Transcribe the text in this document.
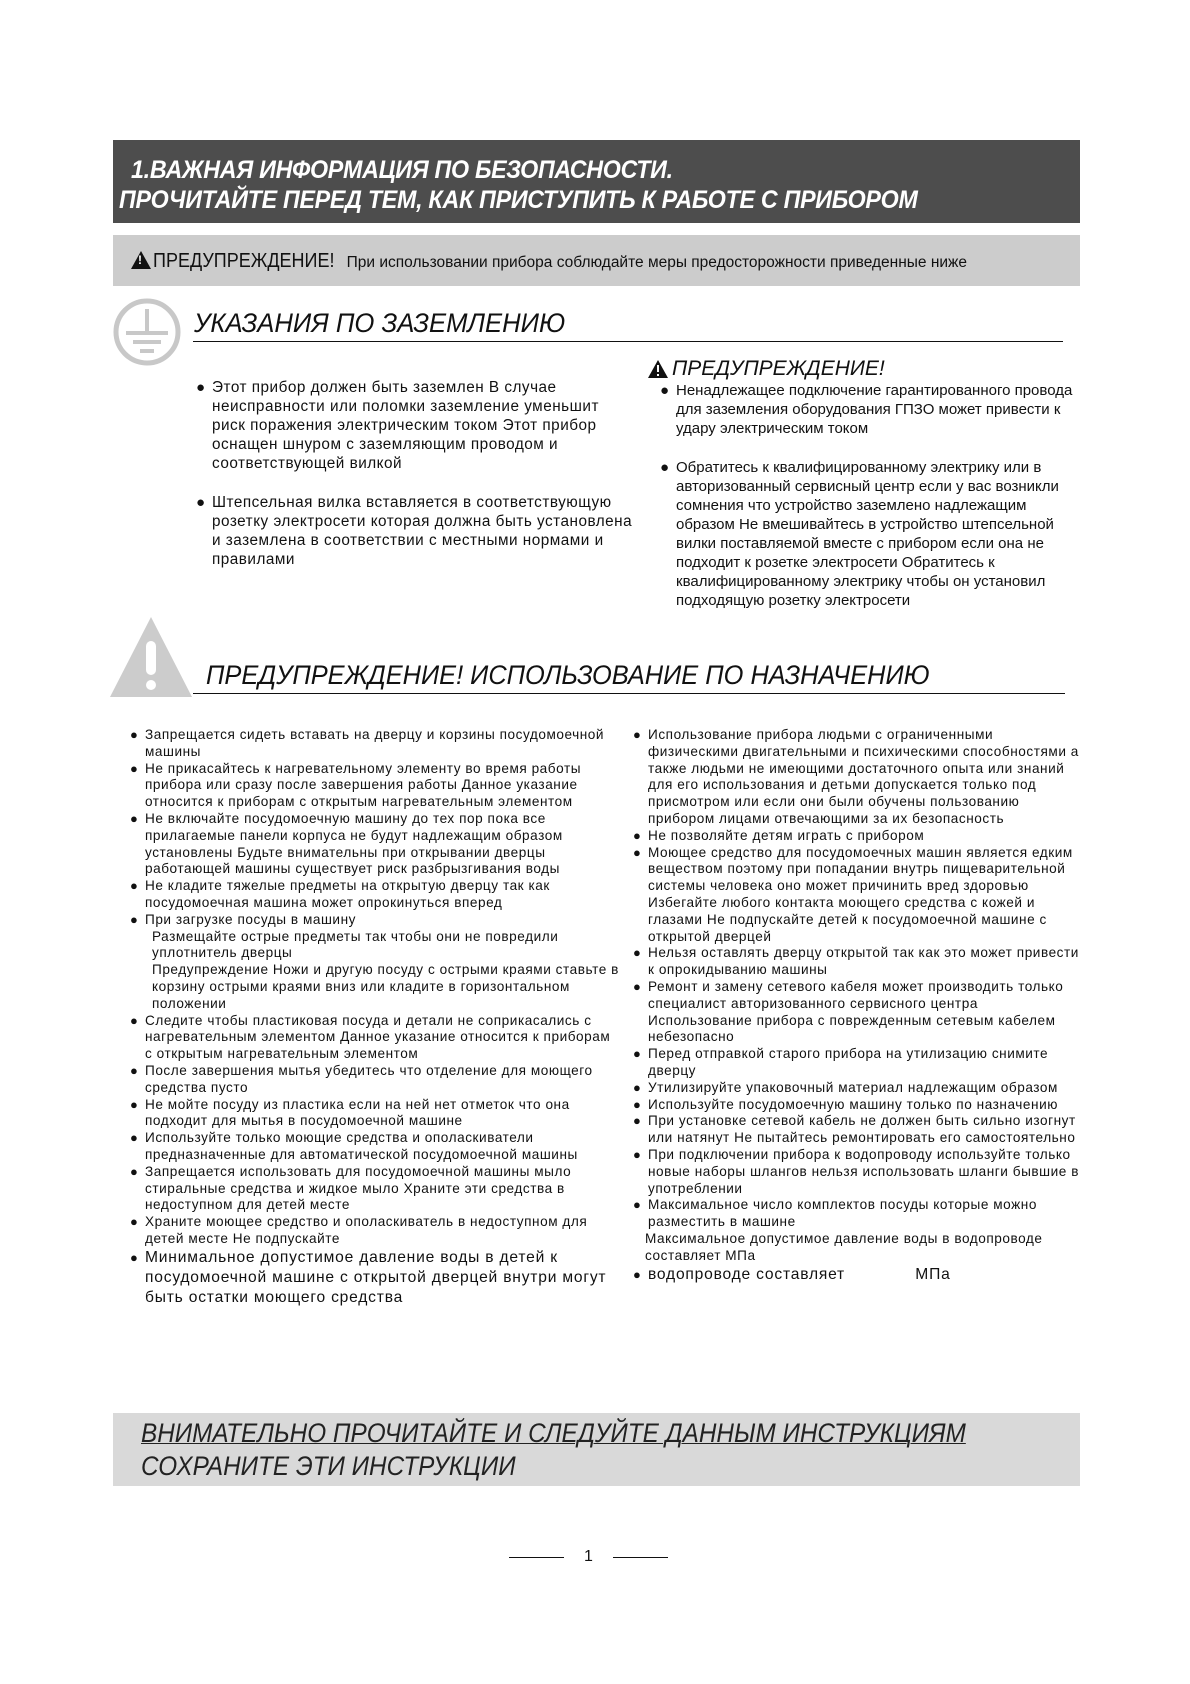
1.ВАЖНАЯ ИНФОРМАЦИЯ ПО БЕЗОПАСНОСТИ.
ПРОЧИТАЙТЕ ПЕРЕД ТЕМ, КАК ПРИСТУПИТЬ К РАБОТЕ С ПРИБОРОМ
!
ПРЕДУПРЕЖДЕНИЕ! При использовании прибора соблюдайте меры предосторожности приведенные ниже
УКАЗАНИЯ ПО ЗАЗЕМЛЕНИЮ
● Этот прибор должен быть заземлен В случае неисправности или поломки заземление уменьшит риск поражения электрическим током Этот прибор оснащен шнуром с заземляющим проводом и соответствующей вилкой
● Штепсельная вилка вставляется в соответствующую розетку электросети которая должна быть установлена и заземлена в соответствии с местными нормами и правилами
ПРЕДУПРЕЖДЕНИЕ!
● Ненадлежащее подключение гарантированного провода для заземления оборудования ГПЗО может привести к удару электрическим током
● Обратитесь к квалифицированному электрику или в авторизованный сервисный центр если у вас возникли сомнения что устройство заземлено надлежащим образом Не вмешивайтесь в устройство штепсельной вилки поставляемой вместе с прибором если она не подходит к розетке электросети Обратитесь к квалифицированному электрику чтобы он установил подходящую розетку электросети
ПРЕДУПРЕЖДЕНИЕ! ИСПОЛЬЗОВАНИЕ ПО НАЗНАЧЕНИЮ
● Запрещается сидеть вставать на дверцу и корзины посудомоечной машины
● Не прикасайтесь к нагревательному элементу во время работы прибора или сразу после завершения работы Данное указание относится к приборам с открытым нагревательным элементом
● Не включайте посудомоечную машину до тех пор пока все прилагаемые панели корпуса не будут надлежащим образом установлены Будьте внимательны при открывании дверцы работающей машины существует риск разбрызгивания воды
● Не кладите тяжелые предметы на открытую дверцу так как посудомоечная машина может опрокинуться вперед
● При загрузке посуды в машину
Размещайте острые предметы так чтобы они не повредили уплотнитель дверцы
Предупреждение Ножи и другую посуду с острыми краями ставьте в корзину острыми краями вниз или кладите в горизонтальном положении
● Следите чтобы пластиковая посуда и детали не соприкасались с нагревательным элементом Данное указание относится к приборам с открытым нагревательным элементом
● После завершения мытья убедитесь что отделение для моющего средства пусто
● Не мойте посуду из пластика если на ней нет отметок что она подходит для мытья в посудомоечной машине
● Используйте только моющие средства и ополаскиватели предназначенные для автоматической посудомоечной машины
● Запрещается использовать для посудомоечной машины мыло стиральные средства и жидкое мыло Храните эти средства в недоступном для детей месте
● Храните моющее средство и ополаскиватель в недоступном для детей месте Не подпускайте
● Минимальное допустимое давление воды в детей к посудомоечной машине с открытой дверцей внутри могут быть остатки моющего средства
● Использование прибора людьми с ограниченными физическими двигательными и психическими способностями а также людьми не имеющими достаточного опыта или знаний для его использования и детьми допускается только под присмотром или если они были обучены пользованию прибором лицами отвечающими за их безопасность
● Не позволяйте детям играть с прибором
● Моющее средство для посудомоечных машин является едким веществом поэтому при попадании внутрь пищеварительной системы человека оно может причинить вред здоровью Избегайте любого контакта моющего средства с кожей и глазами Не подпускайте детей к посудомоечной машине с открытой дверцей
● Нельзя оставлять дверцу открытой так как это может привести к опрокидыванию машины
● Ремонт и замену сетевого кабеля может производить только специалист авторизованного сервисного центра Использование прибора с поврежденным сетевым кабелем небезопасно
● Перед отправкой старого прибора на утилизацию снимите дверцу
● Утилизируйте упаковочный материал надлежащим образом
● Используйте посудомоечную машину только по назначению
● При установке сетевой кабель не должен быть сильно изогнут или натянут Не пытайтесь ремонтировать его самостоятельно
● При подключении прибора к водопроводу используйте только новые наборы шлангов нельзя использовать шланги бывшие в употреблении
● Максимальное число комплектов посуды которые можно разместить в машине
Максимальное допустимое давление воды в водопроводе составляет МПа
● водопроводе составляет	МПа
ВНИМАТЕЛЬНО ПРОЧИТАЙТЕ И СЛЕДУЙТЕ ДАННЫМ ИНСТРУКЦИЯМ
СОХРАНИТЕ ЭТИ ИНСТРУКЦИИ
1
